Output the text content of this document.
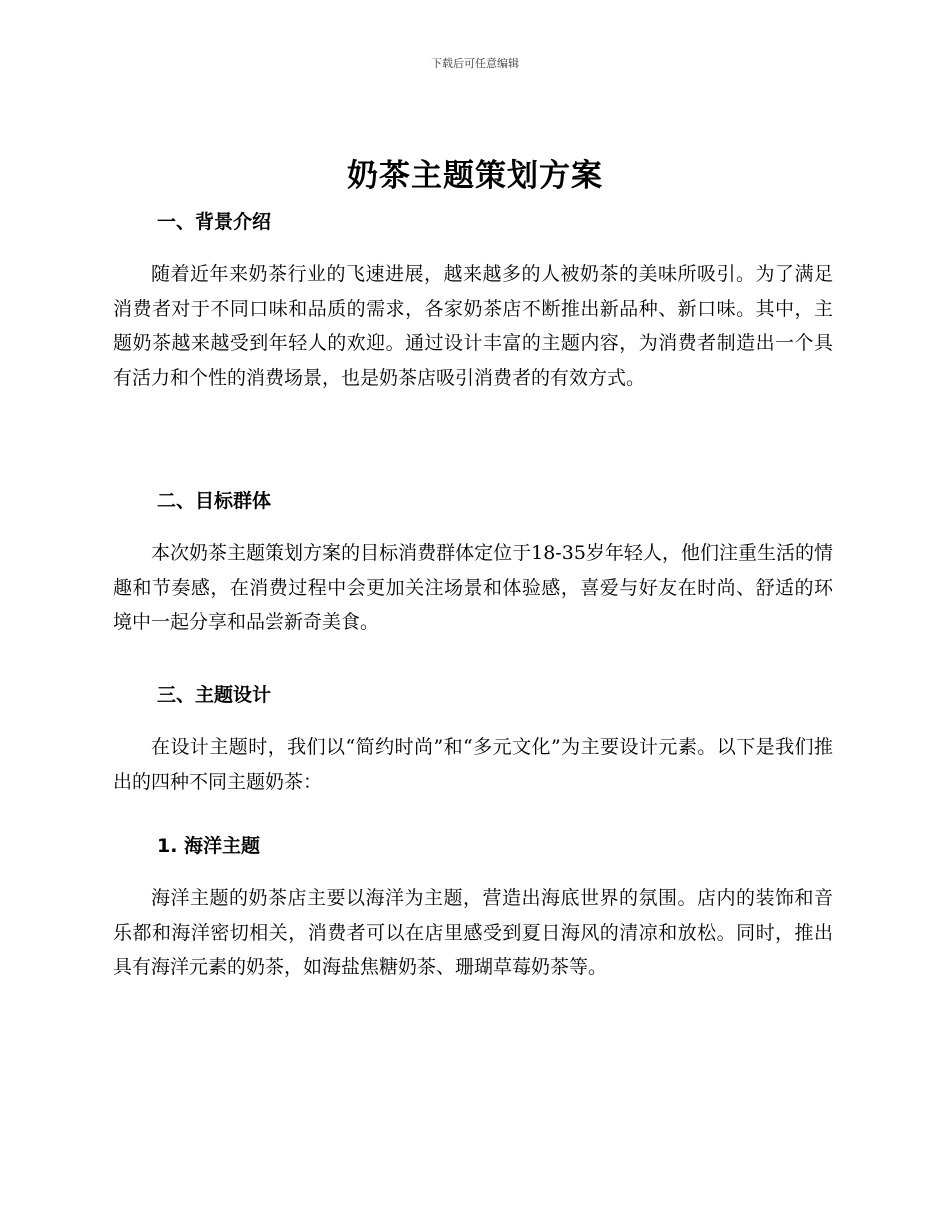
下载后可任意编辑
奶茶主题策划方案
一、背景介绍

随着近年来奶茶行业的飞速进展，越来越多的人被奶茶的美味所吸引。为了满足消费者对于不同口味和品质的需求，各家奶茶店不断推出新品种、新口味。其中，主题奶茶越来越受到年轻人的欢迎。通过设计丰富的主题内容，为消费者制造出一个具有活力和个性的消费场景，也是奶茶店吸引消费者的有效方式。

二、目标群体

本次奶茶主题策划方案的目标消费群体定位于18-35岁年轻人，他们注重生活的情趣和节奏感，在消费过程中会更加关注场景和体验感，喜爱与好友在时尚、舒适的环境中一起分享和品尝新奇美食。

三、主题设计

在设计主题时，我们以“简约时尚”和“多元文化”为主要设计元素。以下是我们推出的四种不同主题奶茶：

1. 海洋主题

海洋主题的奶茶店主要以海洋为主题，营造出海底世界的氛围。店内的装饰和音乐都和海洋密切相关，消费者可以在店里感受到夏日海风的清凉和放松。同时，推出具有海洋元素的奶茶，如海盐焦糖奶茶、珊瑚草莓奶茶等。
